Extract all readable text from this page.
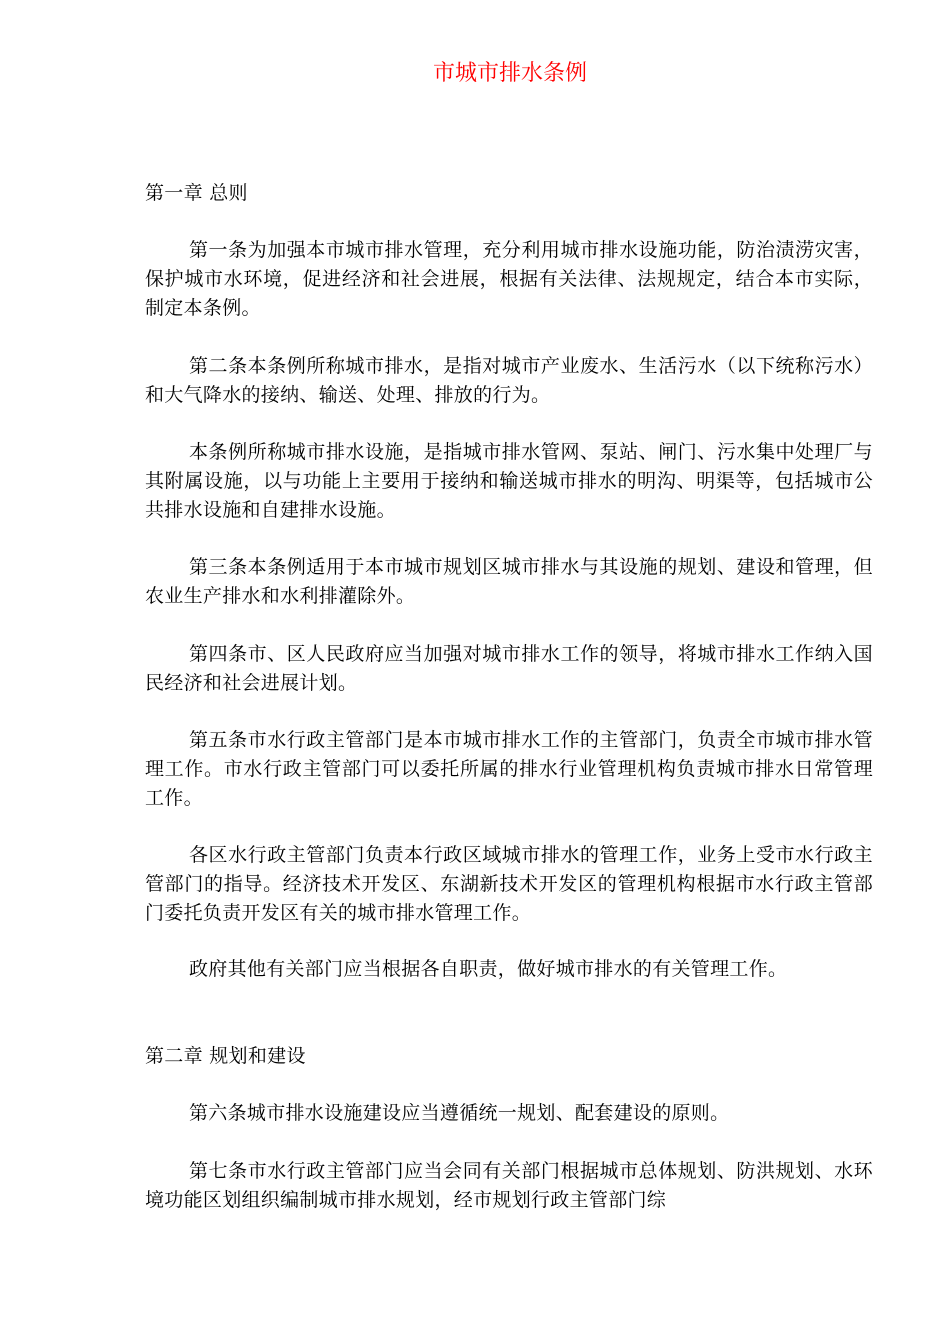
市城市排水条例
第一章 总则

第一条为加强本市城市排水管理，充分利用城市排水设施功能，防治渍涝灾害，保护城市水环境，促进经济和社会进展，根据有关法律、法规规定，结合本市实际，制定本条例。

第二条本条例所称城市排水，是指对城市产业废水、生活污水（以下统称污水）和大气降水的接纳、输送、处理、排放的行为。

本条例所称城市排水设施，是指城市排水管网、泵站、闸门、污水集中处理厂与其附属设施，以与功能上主要用于接纳和输送城市排水的明沟、明渠等，包括城市公共排水设施和自建排水设施。

第三条本条例适用于本市城市规划区城市排水与其设施的规划、建设和管理，但农业生产排水和水利排灌除外。

第四条市、区人民政府应当加强对城市排水工作的领导，将城市排水工作纳入国民经济和社会进展计划。

第五条市水行政主管部门是本市城市排水工作的主管部门，负责全市城市排水管理工作。市水行政主管部门可以委托所属的排水行业管理机构负责城市排水日常管理工作。

各区水行政主管部门负责本行政区域城市排水的管理工作，业务上受市水行政主管部门的指导。经济技术开发区、东湖新技术开发区的管理机构根据市水行政主管部门委托负责开发区有关的城市排水管理工作。

政府其他有关部门应当根据各自职责，做好城市排水的有关管理工作。

第二章 规划和建设

第六条城市排水设施建设应当遵循统一规划、配套建设的原则。

第七条市水行政主管部门应当会同有关部门根据城市总体规划、防洪规划、水环境功能区划组织编制城市排水规划，经市规划行政主管部门综
